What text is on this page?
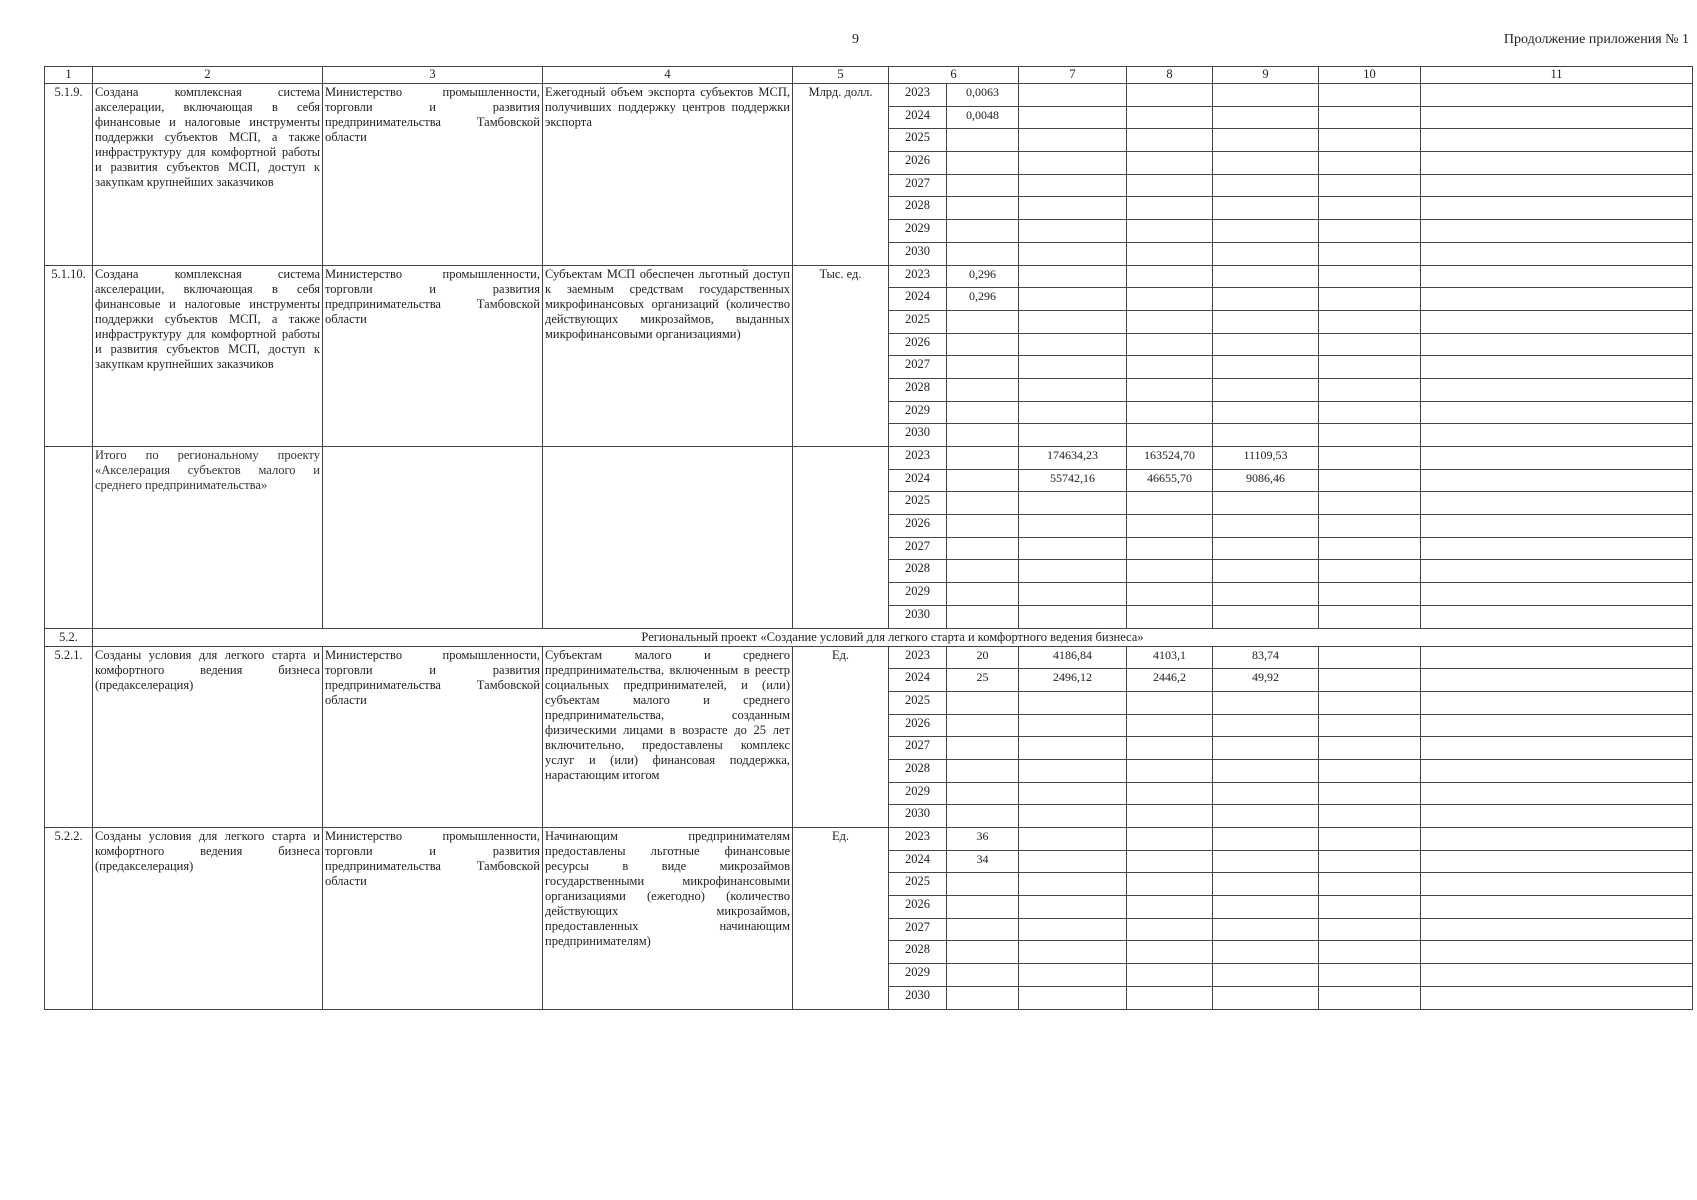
9	Продолжение приложения № 1
1	2	3	4	5	6		7	8	9	10	11
5.1.9.	Создана комплексная система акселерации, включающая в себя финансовые и налоговые инструменты поддержки субъектов МСП, а также инфраструктуру для комфортной работы и развития субъектов МСП, доступ к закупкам крупнейших заказчиков	Министерство промышленности, торговли и развития предпринимательства Тамбовской области	Ежегодный объем экспорта субъектов МСП, получивших поддержку центров поддержки экспорта	Млрд. долл.	2023	0,0063					
					2024	0,0048					
					2025						
					2026						
					2027						
					2028						
					2029						
					2030						
5.1.10.	Создана комплексная система акселерации, включающая в себя финансовые и налоговые инструменты поддержки субъектов МСП, а также инфраструктуру для комфортной работы и развития субъектов МСП, доступ к закупкам крупнейших заказчиков	Министерство промышленности, торговли и развития предпринимательства Тамбовской области	Субъектам МСП обеспечен льготный доступ к заемным средствам государственных микрофинансовых организаций (количество действующих микрозаймов, выданных микрофинансовыми организациями)	Тыс. ед.	2023	0,296					
					2024	0,296					
					2025						
					2026						
					2027						
					2028						
					2029						
					2030						
	Итого по региональному проекту «Акселерация субъектов малого и среднего предпринимательства»				2023		174634,23	163524,70	11109,53		
					2024		55742,16	46655,70	9086,46		
					2025						
					2026						
					2027						
					2028						
					2029						
					2030						
5.2.	Региональный проект «Создание условий для легкого старта и комфортного ведения бизнеса»										
5.2.1.	Созданы условия для легкого старта и комфортного ведения бизнеса (предакселерация)	Министерство промышленности, торговли и развития предпринимательства Тамбовской области	Субъектам малого и среднего предпринимательства, включенным в реестр социальных предпринимателей, и (или) субъектам малого и среднего предпринимательства, созданным физическими лицами в возрасте до 25 лет включительно, предоставлены комплекс услуг и (или) финансовая поддержка, нарастающим итогом	Ед.	2023	20	4186,84	4103,1	83,74		
					2024	25	2496,12	2446,2	49,92		
					2025						
					2026						
					2027						
					2028						
					2029						
					2030						
5.2.2.	Созданы условия для легкого старта и комфортного ведения бизнеса (предакселерация)	Министерство промышленности, торговли и развития предпринимательства Тамбовской области	Начинающим предпринимателям предоставлены льготные финансовые ресурсы в виде микрозаймов государственными микрофинансовыми организациями (ежегодно) (количество действующих микрозаймов, предоставленных начинающим предпринимателям)	Ед.	2023	36					
					2024	34					
					2025						
					2026						
					2027						
					2028						
					2029						
					2030						
